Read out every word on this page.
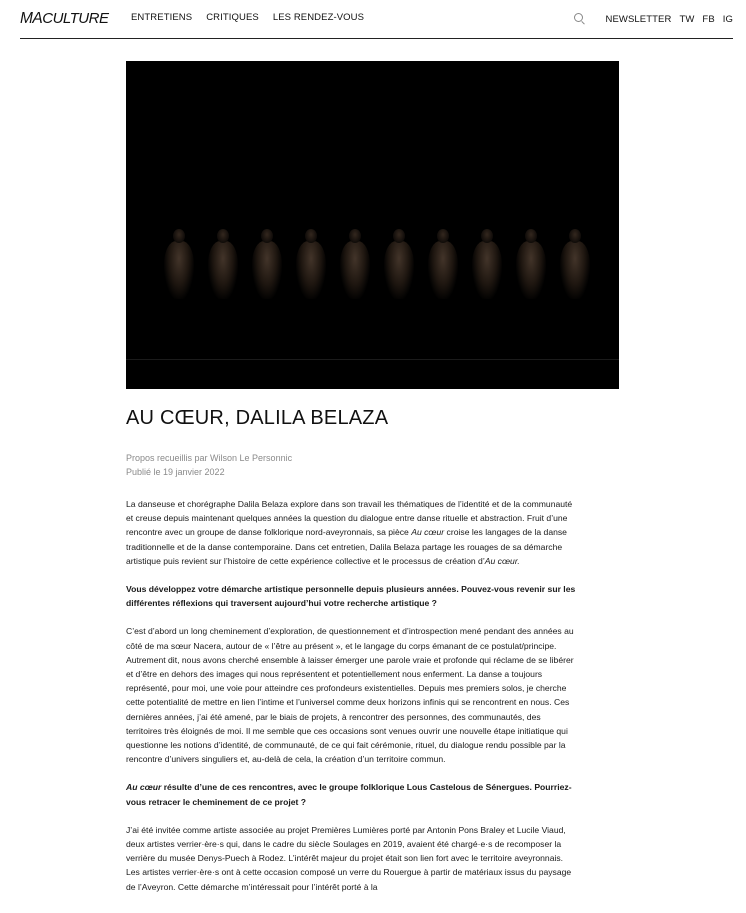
MACULTURE ENTRETIENS CRITIQUES LES RENDEZ-VOUS	NEWSLETTER TW FB IG
AU CŒUR, DALILA BELAZA
Propos recueillis par Wilson Le Personnic
Publié le 19 janvier 2022

La danseuse et chorégraphe Dalila Belaza explore dans son travail les thématiques de l’identité et de la communauté et creuse depuis maintenant quelques années la question du dialogue entre danse rituelle et abstraction. Fruit d’une rencontre avec un groupe de danse folklorique nord-aveyronnais, sa pièce Au cœur croise les langages de la danse traditionnelle et de la danse contemporaine. Dans cet entretien, Dalila Belaza partage les rouages de sa démarche artistique puis revient sur l’histoire de cette expérience collective et le processus de création d’Au cœur.

Vous développez votre démarche artistique personnelle depuis plusieurs années. Pouvez-vous revenir sur les différentes réflexions qui traversent aujourd’hui votre recherche artistique ?

C’est d’abord un long cheminement d’exploration, de questionnement et d’introspection mené pendant des années au côté de ma sœur Nacera, autour de « l’être au présent », et le langage du corps émanant de ce postulat/principe. Autrement dit, nous avons cherché ensemble à laisser émerger une parole vraie et profonde qui réclame de se libérer et d’être en dehors des images qui nous représentent et potentiellement nous enferment. La danse a toujours représenté, pour moi, une voie pour atteindre ces profondeurs existentielles. Depuis mes premiers solos, je cherche cette potentialité de mettre en lien l’intime et l’universel comme deux horizons infinis qui se rencontrent en nous. Ces dernières années, j’ai été amené, par le biais de projets, à rencontrer des personnes, des communautés, des territoires très éloignés de moi. Il me semble que ces occasions sont venues ouvrir une nouvelle étape initiatique qui questionne les notions d’identité, de communauté, de ce qui fait cérémonie, rituel, du dialogue rendu possible par la rencontre d’univers singuliers et, au-delà de cela, la création d’un territoire commun.

Au cœur résulte d’une de ces rencontres, avec le groupe folklorique Lous Castelous de Sénergues. Pourriez-vous retracer le cheminement de ce projet ?

J’ai été invitée comme artiste associée au projet Premières Lumières porté par Antonin Pons Braley et Lucile Viaud, deux artistes verrier·ère·s qui, dans le cadre du siècle Soulages en 2019, avaient été chargé·e·s de recomposer la verrière du musée Denys-Puech à Rodez. L’intérêt majeur du projet était son lien fort avec le territoire aveyronnais. Les artistes verrier·ère·s ont à cette occasion composé un verre du Rouergue à partir de matériaux issus du paysage de l’Aveyron. Cette démarche m’intéressait pour l’intérêt porté à la
